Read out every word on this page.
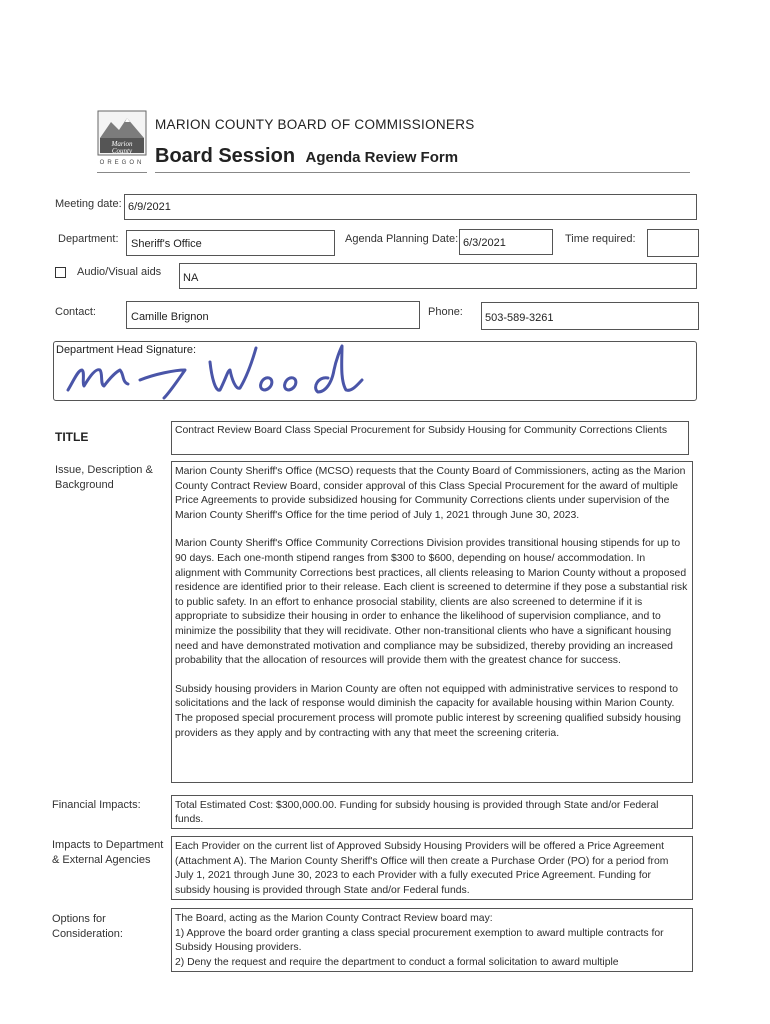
Marion
County
OREGON
MARION COUNTY BOARD OF COMMISSIONERS
Board Session Agenda Review Form
Meeting date: 6/9/2021
Department: Sheriff's Office	Agenda Planning Date: 6/3/2021	Time required:
Audio/Visual aids NA
Contact:	Camille Brignon	Phone: 503-589-3261
Department Head Signature:
TITLE	Contract Review Board Class Special Procurement for Subsidy Housing for Community Corrections Clients

Issue, Description & Background

Marion County Sheriff's Office (MCSO) requests that the County Board of Commissioners, acting as the Marion County Contract Review Board, consider approval of this Class Special Procurement for the award of multiple Price Agreements to provide subsidized housing for Community Corrections clients under supervision of the Marion County Sheriff's Office for the time period of July 1, 2021 through June 30, 2023.

Marion County Sheriff's Office Community Corrections Division provides transitional housing stipends for up to 90 days. Each one-month stipend ranges from $300 to $600, depending on house/ accommodation. In alignment with Community Corrections best practices, all clients releasing to Marion County without a proposed residence are identified prior to their release. Each client is screened to determine if they pose a substantial risk to public safety. In an effort to enhance prosocial stability, clients are also screened to determine if it is appropriate to subsidize their housing in order to enhance the likelihood of supervision compliance, and to minimize the possibility that they will recidivate. Other non-transitional clients who have a significant housing need and have demonstrated motivation and compliance may be subsidized, thereby providing an increased probability that the allocation of resources will provide them with the greatest chance for success.

Subsidy housing providers in Marion County are often not equipped with administrative services to respond to solicitations and the lack of response would diminish the capacity for available housing within Marion County. The proposed special procurement process will promote public interest by screening qualified subsidy housing providers as they apply and by contracting with any that meet the screening criteria.

Financial Impacts:	Total Estimated Cost: $300,000.00. Funding for subsidy housing is provided through State and/or Federal funds.

Impacts to Department & External Agencies

Each Provider on the current list of Approved Subsidy Housing Providers will be offered a Price Agreement (Attachment A). The Marion County Sheriff's Office will then create a Purchase Order (PO) for a period from July 1, 2021 through June 30, 2023 to each Provider with a fully executed Price Agreement. Funding for subsidy housing is provided through State and/or Federal funds.

Options for Consideration:

The Board, acting as the Marion County Contract Review board may:

1) Approve the board order granting a class special procurement exemption to award multiple contracts for Subsidy Housing providers.

2) Deny the request and require the department to conduct a formal solicitation to award multiple
